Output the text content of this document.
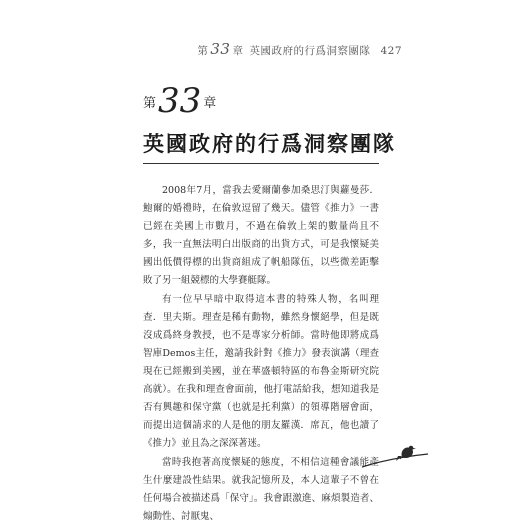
第 33 章 英國政府的行爲洞察團隊 427
第33 章
英國政府的行爲洞察團隊

2008年7月，當我去愛爾蘭參加桑思汀與蘿曼莎．鮑爾的婚禮時，在倫敦逗留了幾天。儘管《推力》一書已經在美國上市數月，不過在倫敦上架的數量尚且不多，我一直無法明白出版商的出貨方式，可是我懷疑美國出低價得標的出貨商組成了帆船隊伍，以些微差距擊敗了另一組競標的大學賽艇隊。

有一位早早暗中取得這本書的特殊人物，名叫理查．里夫斯。理查是稀有動物，雖然身懷絕學，但是既沒成爲終身教授，也不是專家分析師。當時他即將成爲智庫Demos主任，邀請我針對《推力》發表演講（理查現在已經搬到美國，並在華盛頓特區的布魯金斯研究院高就）。在我和理查會面前，他打電話給我，想知道我是否有興趣和保守黨（也就是托利黨）的領導階層會面，而提出這個請求的人是他的朋友羅漢．席瓦，他也讀了《推力》並且為之深深著迷。

當時我抱著高度懷疑的態度，不相信這種會議能產生什麼建設性結果。就我記憶所及，本人這輩子不曾在任何場合被描述爲「保守」。我會跟激進、麻煩製造者、煽動性、討厭鬼、
